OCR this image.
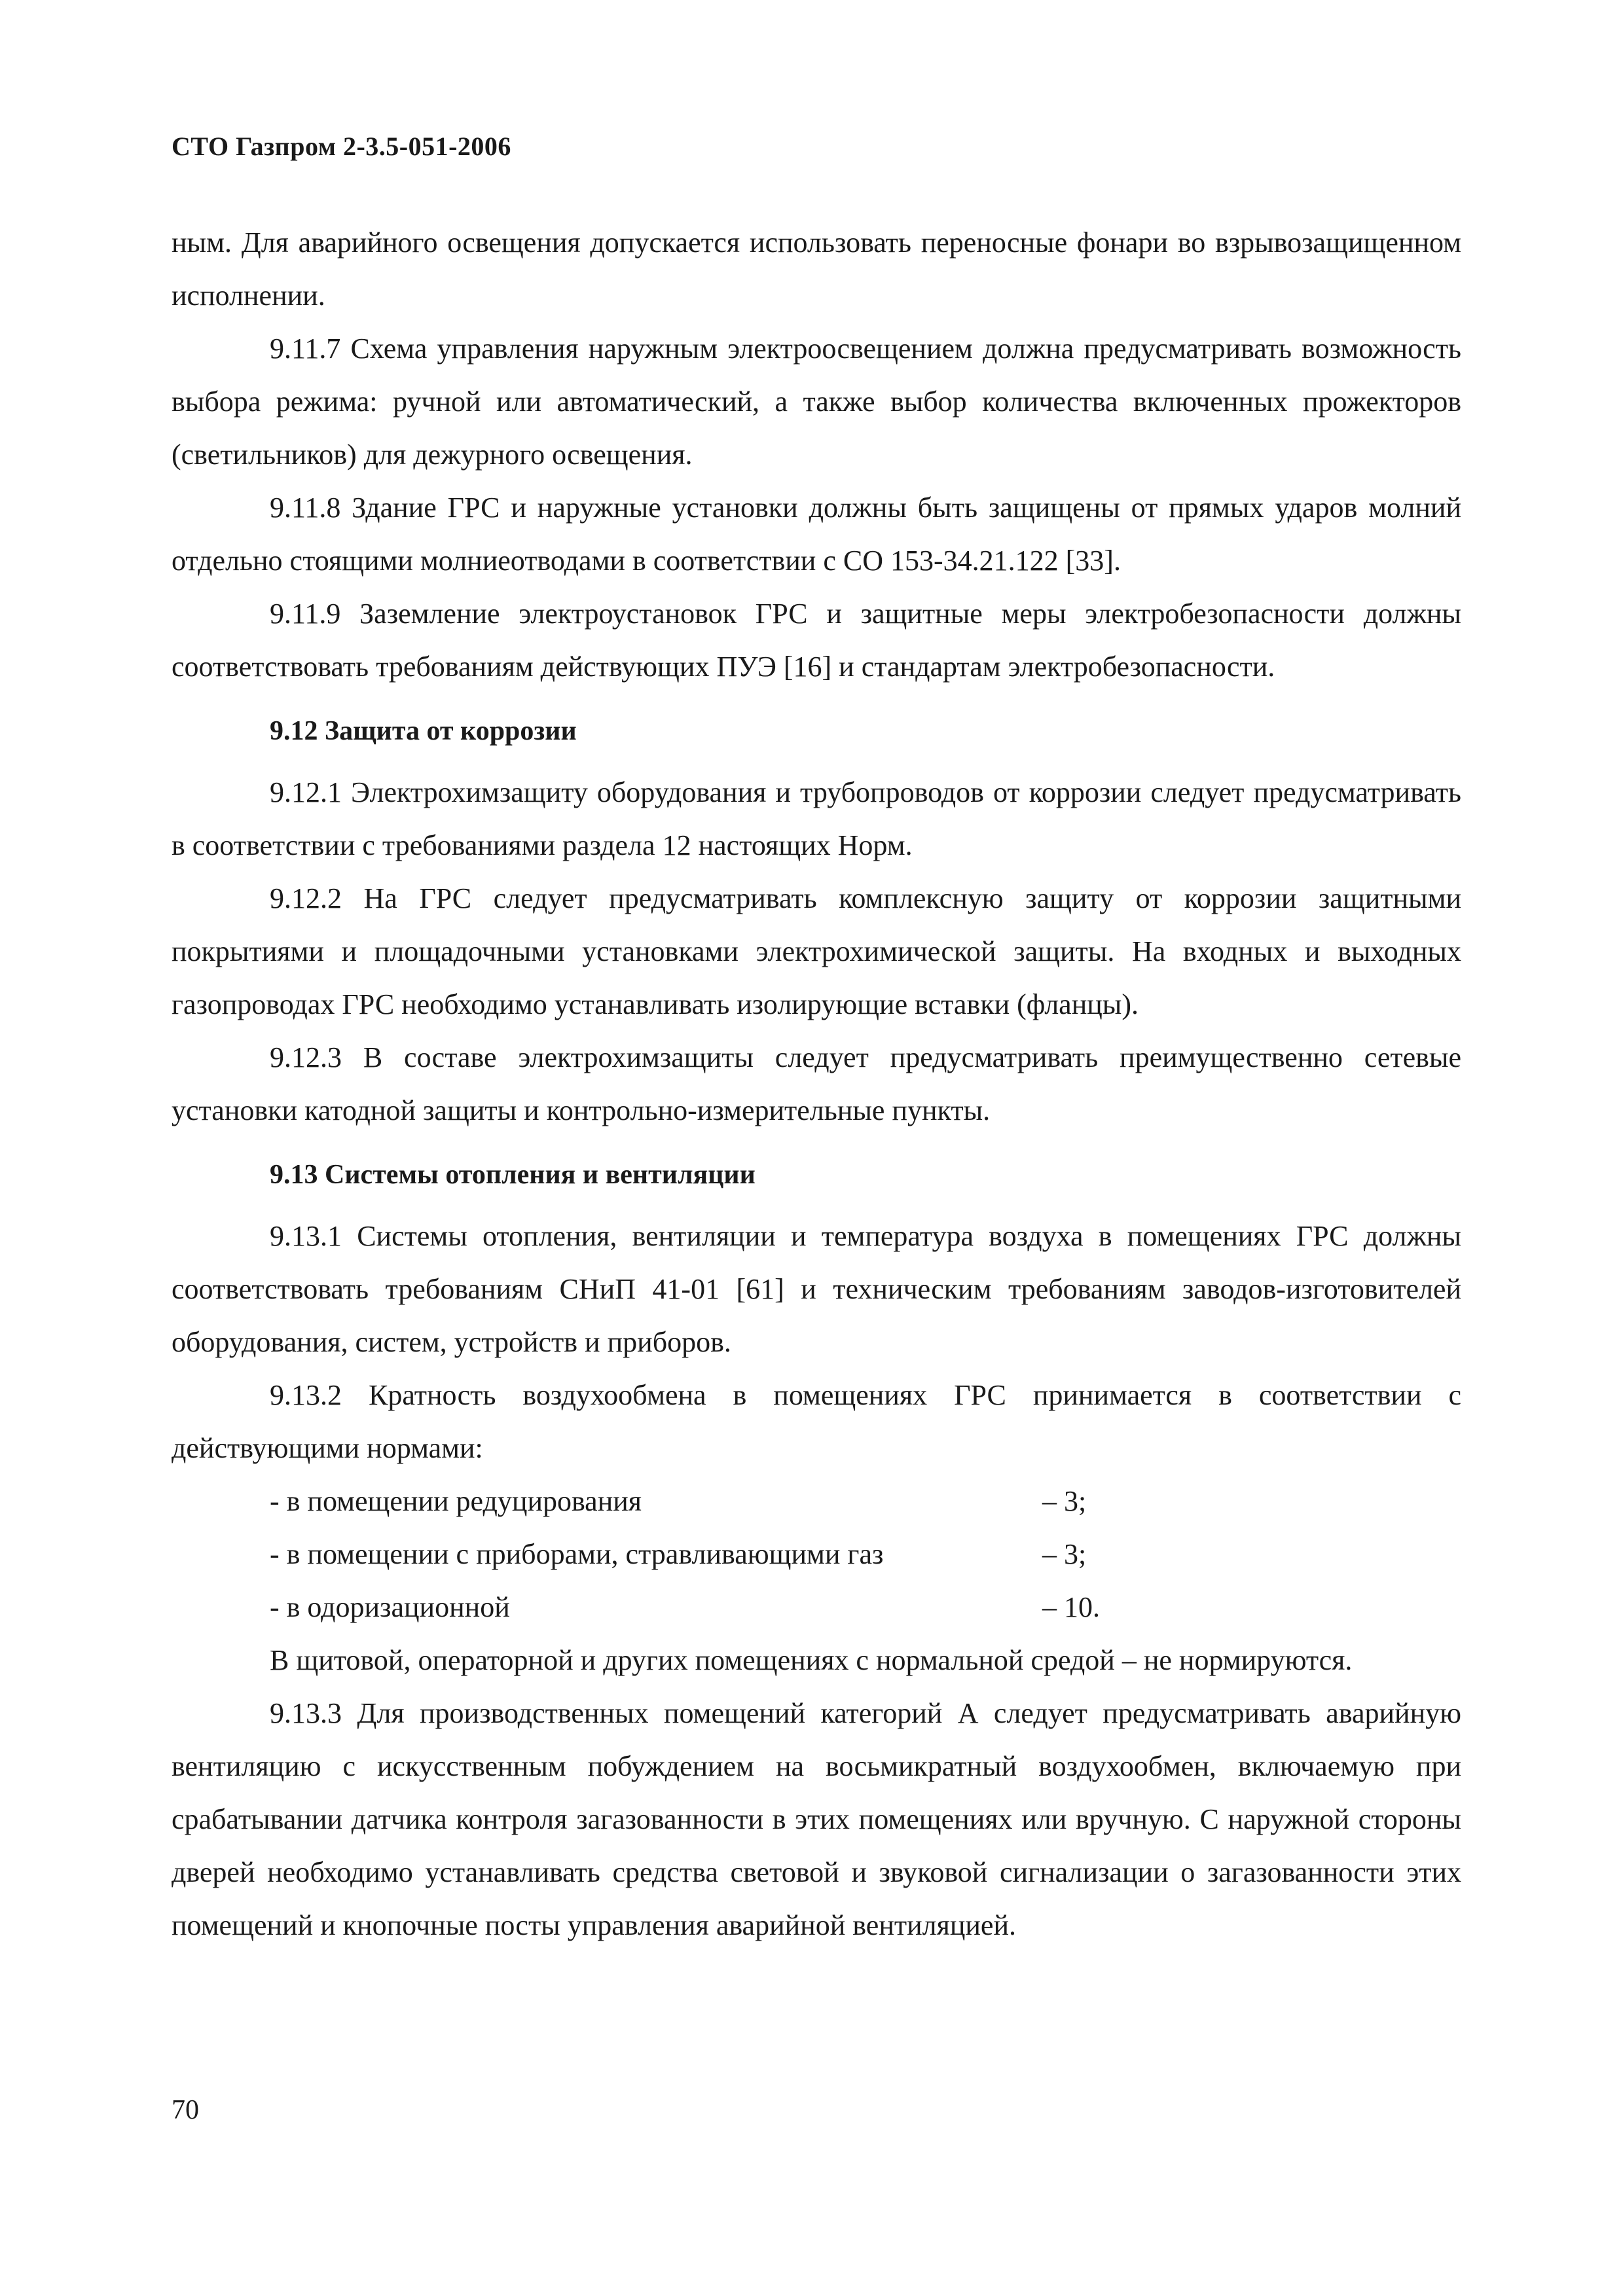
СТО Газпром 2-3.5-051-2006

ным. Для аварийного освещения допускается использовать переносные фонари во взрывозащищенном исполнении.

9.11.7 Схема управления наружным электроосвещением должна предусматривать возможность выбора режима: ручной или автоматический, а также выбор количества включенных прожекторов (светильников) для дежурного освещения.

9.11.8 Здание ГРС и наружные установки должны быть защищены от прямых ударов молний отдельно стоящими молниеотводами в соответствии с СО 153-34.21.122 [33].

9.11.9 Заземление электроустановок ГРС и защитные меры электробезопасности должны соответствовать требованиям действующих ПУЭ [16] и стандартам электробезопасности.

9.12 Защита от коррозии

9.12.1 Электрохимзащиту оборудования и трубопроводов от коррозии следует предусматривать в соответствии с требованиями раздела 12 настоящих Норм.

9.12.2 На ГРС следует предусматривать комплексную защиту от коррозии защитными покрытиями и площадочными установками электрохимической защиты. На входных и выходных газопроводах ГРС необходимо устанавливать изолирующие вставки (фланцы).

9.12.3 В составе электрохимзащиты следует предусматривать преимущественно сетевые установки катодной защиты и контрольно-измерительные пункты.

9.13 Системы отопления и вентиляции

9.13.1 Системы отопления, вентиляции и температура воздуха в помещениях ГРС должны соответствовать требованиям СНиП 41-01 [61] и техническим требованиям заводов-изготовителей оборудования, систем, устройств и приборов.

9.13.2 Кратность воздухообмена в помещениях ГРС принимается в соответствии с действующими нормами:

- в помещении редуцирования	– 3;
- в помещении с приборами, стравливающими газ	– 3;
- в одоризационной	– 10.

В щитовой, операторной и других помещениях с нормальной средой – не нормируются.

9.13.3 Для производственных помещений категорий А следует предусматривать аварийную вентиляцию с искусственным побуждением на восьмикратный воздухообмен, включаемую при срабатывании датчика контроля загазованности в этих помещениях или вручную. С наружной стороны дверей необходимо устанавливать средства световой и звуковой сигнализации о загазованности этих помещений и кнопочные посты управления аварийной вентиляцией.

70
